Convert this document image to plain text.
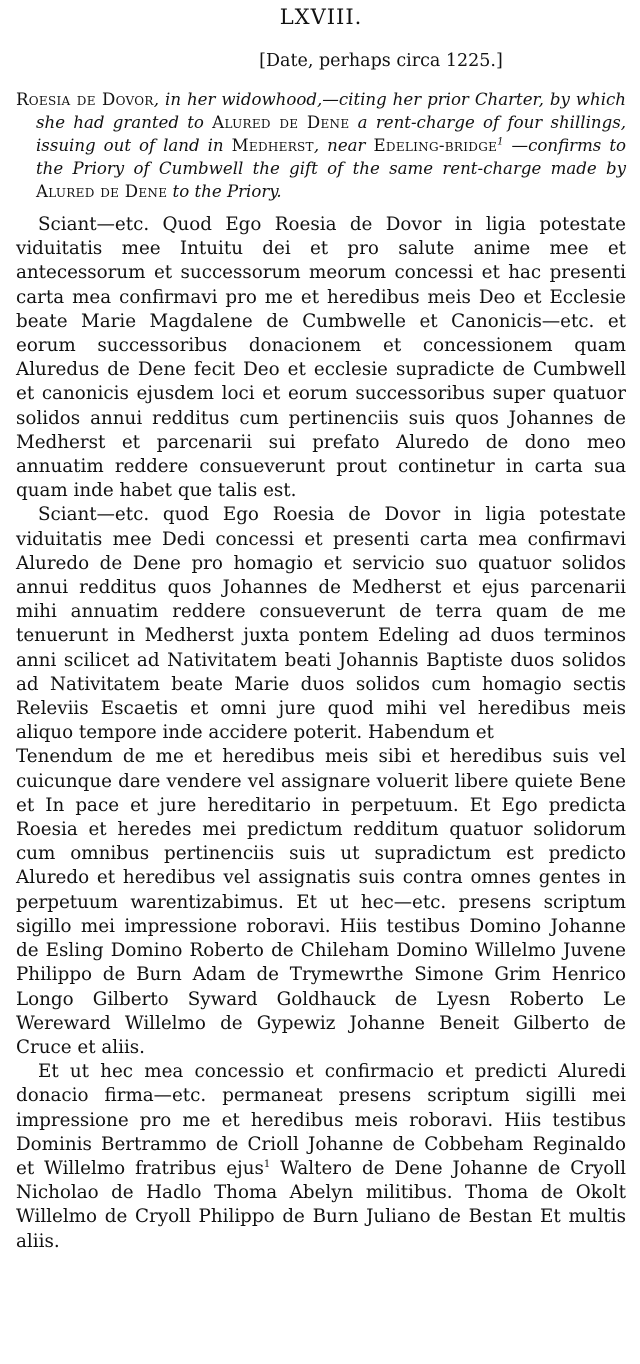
LXVIII.
[Date, perhaps circa 1225.]

Roesia de Dovor, in her widowhood,—citing her prior Charter, by which she had granted to Alured de Dene a rent-charge of four shillings, issuing out of land in Medherst, near Edeling-bridge$^1$ —confirms to the Priory of Cumbwell the gift of the same rent-charge made by Alured de Dene to the Priory.

Sciant—etc. Quod Ego Roesia de Dovor in ligia potestate viduitatis mee Intuitu dei et pro salute anime mee et antecessorum et successorum meorum concessi et hac presenti carta mea confirmavi pro me et heredibus meis Deo et Ecclesie beate Marie Magdalene de Cumbwelle et Canonicis—etc. et eorum successoribus donacionem et concessionem quam Aluredus de Dene fecit Deo et ecclesie supradicte de Cumbwell et canonicis ejusdem loci et eorum successoribus super quatuor solidos annui redditus cum pertinenciis suis quos Johannes de Medherst et parcenarii sui prefato Aluredo de dono meo annuatim reddere consueverunt prout continetur in carta sua quam inde habet que talis est.

Sciant—etc. quod Ego Roesia de Dovor in ligia potestate viduitatis mee Dedi concessi et presenti carta mea confirmavi Aluredo de Dene pro homagio et servicio suo quatuor solidos annui redditus quos Johannes de Medherst et ejus parcenarii mihi annuatim reddere consueverunt de terra quam de me tenuerunt in Medherst juxta pontem Edeling ad duos terminos anni scilicet ad Nativitatem beati Johannis Baptiste duos solidos ad Nativitatem beate Marie duos solidos cum homagio sectis Releviis Escaetis et omni jure quod mihi vel heredibus meis aliquo tempore inde accidere poterit. Habendum et

Tenendum de me et heredibus meis sibi et heredibus suis vel cuicunque dare vendere vel assignare voluerit libere quiete Bene et In pace et jure hereditario in perpetuum. Et Ego predicta Roesia et heredes mei predictum redditum quatuor solidorum cum omnibus pertinenciis suis ut supradictum est predicto Aluredo et heredibus vel assignatis suis contra omnes gentes in perpetuum warentizabimus. Et ut hec—etc. presens scriptum sigillo mei impressione roboravi. Hiis testibus Domino Johanne de Esling Domino Roberto de Chileham Domino Willelmo Juvene Philippo de Burn Adam de Trymewrthe Simone Grim Henrico Longo Gilberto Syward Goldhauck de Lyesn Roberto Le Wereward Willelmo de Gypewiz Johanne Beneit Gilberto de Cruce et aliis.

Et ut hec mea concessio et confirmacio et predicti Aluredi donacio firma—etc. permaneat presens scriptum sigilli mei impressione pro me et heredibus meis roboravi. Hiis testibus Dominis Bertrammo de Crioll Johanne de Cobbeham Reginaldo et Willelmo fratribus ejus$^1$ Waltero de Dene Johanne de Cryoll Nicholao de Hadlo Thoma Abelyn militibus. Thoma de Okolt Willelmo de Cryoll Philippo de Burn Juliano de Bestan Et multis aliis.
